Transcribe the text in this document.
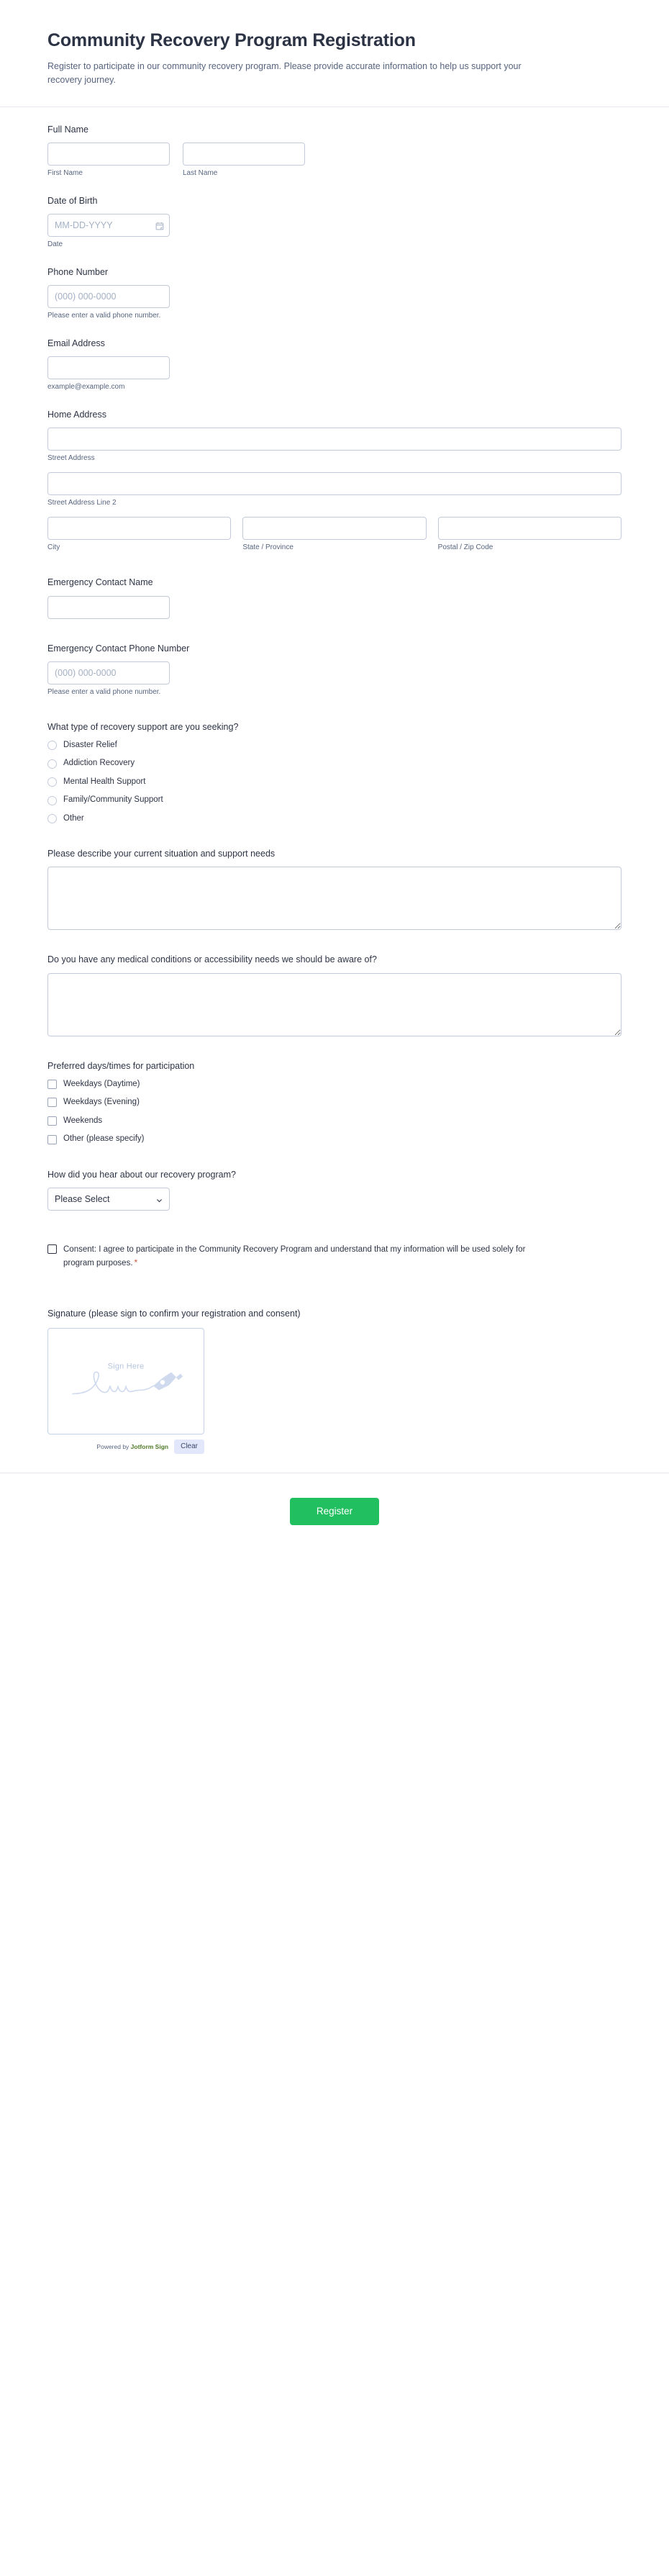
Community Recovery Program Registration

Register to participate in our community recovery program. Please provide accurate information to help us support your recovery journey.

Full Name
First Name	Last Name
Date of Birth
MM-DD-YYYY
Date
Phone Number
(000) 000-0000
Please enter a valid phone number.
Email Address
example@example.com
Home Address
Street Address
Street Address Line 2
City	State / Province	Postal / Zip Code
Emergency Contact Name
Emergency Contact Phone Number
(000) 000-0000
Please enter a valid phone number.
What type of recovery support are you seeking?
Disaster Relief
Addiction Recovery
Mental Health Support
Family/Community Support
Other
Please describe your current situation and support needs
Do you have any medical conditions or accessibility needs we should be aware of?
Preferred days/times for participation
Weekdays (Daytime)
Weekdays (Evening)
Weekends
Other (please specify)
How did you hear about our recovery program?
Please Select
Consent: I agree to participate in the Community Recovery Program and understand that my information will be used solely for program purposes. *
Signature (please sign to confirm your registration and consent)
Sign Here
Powered by Jotform Sign	Clear
Register
